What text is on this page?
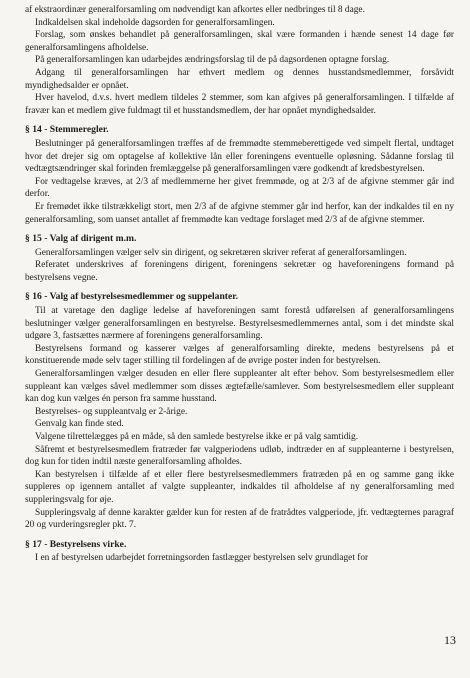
af ekstraordinær generalforsamling om nødvendigt kan afkortes eller nedbringes til 8 dage.

Indkaldelsen skal indeholde dagsorden for generalforsamlingen.

Forslag, som ønskes behandlet på generalforsamlingen, skal være formanden i hænde senest 14 dage før generalforsamlingens afholdelse.

På generalforsamlingen kan udarbejdes ændringsforslag til de på dagsordenen optagne forslag.

Adgang til generalforsamlingen har ethvert medlem og dennes husstandsmedlemmer, forsåvidt myndighedsalder er opnået.

Hver havelod, d.v.s. hvert medlem tildeles 2 stemmer, som kan afgives på generalforsamlingen. I tilfælde af fravær kan et medlem give fuldmagt til et husstandsmedlem, der har opnået myndighedsalder.

§ 14 - Stemmeregler.

Beslutninger på generalforsamlingen træffes af de fremmødte stemmeberettigede ved simpelt flertal, undtaget hvor det drejer sig om optagelse af kollektive lån eller foreningens eventuelle opløsning. Sådanne forslag til vedtægtsændringer skal forinden fremlæggelse på generalforsamlingen være godkendt af kredsbestyrelsen.

For vedtagelse kræves, at 2/3 af medlemmerne her givet fremmøde, og at 2/3 af de afgivne stemmer går ind derfor.

Er fremødet ikke tilstrækkeligt stort, men 2/3 af de afgivne stemmer går ind herfor, kan der indkaldes til en ny generalforsamling, som uanset antallet af fremmødte kan vedtage forslaget med 2/3 af de afgivne stemmer.

§ 15 - Valg af dirigent m.m.

Generalforsamlingen vælger selv sin dirigent, og sekretæren skriver referat af generalforsamlingen.

Referatet underskrives af foreningens dirigent, foreningens sekretær og haveforeningens formand på bestyrelsens vegne.

§ 16 - Valg af bestyrelsesmedlemmer og suppelanter.

Til at varetage den daglige ledelse af haveforeningen samt forestå udførelsen af generalforsamlingens beslutninger vælger generalforsamlingen en bestyrelse. Bestyrelsesmedlemmernes antal, som i det mindste skal udgøre 3, fastsættes nærmere af foreningens generalforsamling.

Bestyrelsens formand og kasserer vælges af generalforsamling direkte, medens bestyrelsens på et konstituerende møde selv tager stilling til fordelingen af de øvrige poster inden for bestyrelsen.

Generalforsamlingen vælger desuden en eller flere suppleanter alt efter behov. Som bestyrelsesmedlem eller suppleant kan vælges såvel medlemmer som disses ægtefælle/samlever. Som bestyrelsesmedlem eller suppleant kan dog kun vælges én person fra samme husstand.

Bestyrelses- og suppleantvalg er 2-årige.

Genvalg kan finde sted.

Valgene tilrettelægges på en måde, så den samlede bestyrelse ikke er på valg samtidig.

Såfremt et bestyrelsesmedlem fratræder før valgperiodens udløb, indtræder en af suppleanterne i bestyrelsen, dog kun for tiden indtil næste generalforsamling afholdes.

Kan bestyrelsen i tilfælde af et eller flere bestyrelsesmedlemmers fratræden på en og samme gang ikke suppleres op igennem antallet af valgte suppleanter, indkaldes til afholdelse af ny generalforsamling med suppleringsvalg for øje.

Suppleringsvalg af denne karakter gælder kun for resten af de fratrådtes valgperiode, jfr. vedtægternes paragraf 20 og vurderingsregler pkt. 7.

§ 17 - Bestyrelsens virke.

I en af bestyrelsen udarbejdet forretningsorden fastlægger bestyrelsen selv grundlaget for

13
